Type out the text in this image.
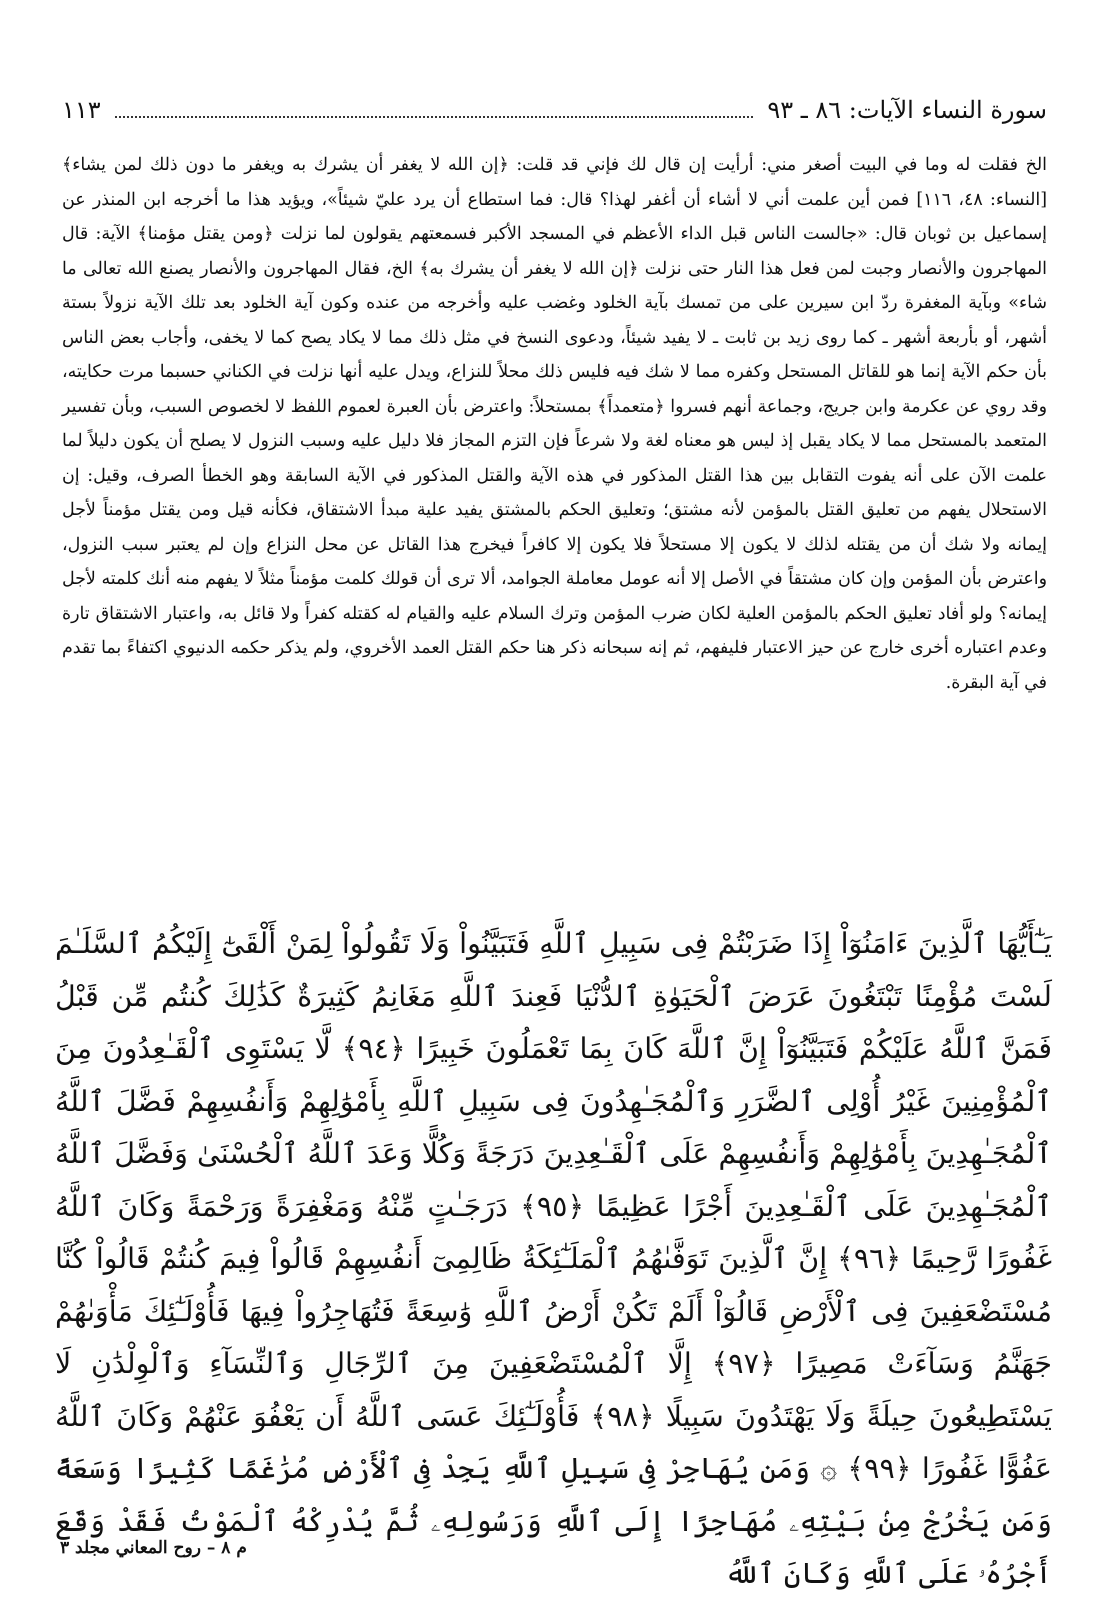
سورة النساء الآيات: ٨٦ ـ ٩٣
١١٣

الخ فقلت له وما في البيت أصغر مني: أرأيت إن قال لك فإني قد قلت: ﴿إن الله لا يغفر أن يشرك به ويغفر ما دون ذلك لمن يشاء﴾ [النساء: ٤٨، ١١٦] فمن أين علمت أني لا أشاء أن أغفر لهذا؟ قال: فما استطاع أن يرد عليّ شيئاً»، ويؤيد هذا ما أخرجه ابن المنذر عن إسماعيل بن ثوبان قال: «جالست الناس قبل الداء الأعظم في المسجد الأكبر فسمعتهم يقولون لما نزلت ﴿ومن يقتل مؤمنا﴾ الآية: قال المهاجرون والأنصار وجبت لمن فعل هذا النار حتى نزلت ﴿إن الله لا يغفر أن يشرك به﴾ الخ، فقال المهاجرون والأنصار يصنع الله تعالى ما شاء» وبآية المغفرة ردّ ابن سيرين على من تمسك بآية الخلود وغضب عليه وأخرجه من عنده وكون آية الخلود بعد تلك الآية نزولاً بستة أشهر، أو بأربعة أشهر ـ كما روى زيد بن ثابت ـ لا يفيد شيئاً، ودعوى النسخ في مثل ذلك مما لا يكاد يصح كما لا يخفى، وأجاب بعض الناس بأن حكم الآية إنما هو للقاتل المستحل وكفره مما لا شك فيه فليس ذلك محلاً للنزاع، ويدل عليه أنها نزلت في الكناني حسبما مرت حكايته، وقد روي عن عكرمة وابن جريج، وجماعة أنهم فسروا ﴿متعمداً﴾ بمستحلاً: واعترض بأن العبرة لعموم اللفظ لا لخصوص السبب، وبأن تفسير المتعمد بالمستحل مما لا يكاد يقبل إذ ليس هو معناه لغة ولا شرعاً فإن التزم المجاز فلا دليل عليه وسبب النزول لا يصلح أن يكون دليلاً لما علمت الآن على أنه يفوت التقابل بين هذا القتل المذكور في هذه الآية والقتل المذكور في الآية السابقة وهو الخطأ الصرف، وقيل: إن الاستحلال يفهم من تعليق القتل بالمؤمن لأنه مشتق؛ وتعليق الحكم بالمشتق يفيد علية مبدأ الاشتقاق، فكأنه قيل ومن يقتل مؤمناً لأجل إيمانه ولا شك أن من يقتله لذلك لا يكون إلا مستحلاً فلا يكون إلا كافراً فيخرج هذا القاتل عن محل النزاع وإن لم يعتبر سبب النزول، واعترض بأن المؤمن وإن كان مشتقاً في الأصل إلا أنه عومل معاملة الجوامد، ألا ترى أن قولك كلمت مؤمناً مثلاً لا يفهم منه أنك كلمته لأجل إيمانه؟ ولو أفاد تعليق الحكم بالمؤمن العلية لكان ضرب المؤمن وترك السلام عليه والقيام له كقتله كفراً ولا قائل به، واعتبار الاشتقاق تارة وعدم اعتباره أخرى خارج عن حيز الاعتبار فليفهم، ثم إنه سبحانه ذكر هنا حكم القتل العمد الأخروي، ولم يذكر حكمه الدنيوي اكتفاءً بما تقدم في آية البقرة.

يَـٰٓأَيُّهَا ٱلَّذِينَ ءَامَنُوٓاْ إِذَا ضَرَبْتُمْ فِى سَبِيلِ ٱللَّهِ فَتَبَيَّنُواْ وَلَا تَقُولُواْ لِمَنْ أَلْقَىٰٓ إِلَيْكُمُ ٱلسَّلَـٰمَ لَسْتَ مُؤْمِنًا تَبْتَغُونَ عَرَضَ ٱلْحَيَوٰةِ ٱلدُّنْيَا فَعِندَ ٱللَّهِ مَغَانِمُ كَثِيرَةٌ كَذَٰلِكَ كُنتُم مِّن قَبْلُ فَمَنَّ ٱللَّهُ عَلَيْكُمْ فَتَبَيَّنُوٓاْ إِنَّ ٱللَّهَ كَانَ بِمَا تَعْمَلُونَ خَبِيرًا ﴿٩٤﴾ لَّا يَسْتَوِى ٱلْقَـٰعِدُونَ مِنَ ٱلْمُؤْمِنِينَ غَيْرُ أُوْلِى ٱلضَّرَرِ وَٱلْمُجَـٰهِدُونَ فِى سَبِيلِ ٱللَّهِ بِأَمْوَٰلِهِمْ وَأَنفُسِهِمْ فَضَّلَ ٱللَّهُ ٱلْمُجَـٰهِدِينَ بِأَمْوَٰلِهِمْ وَأَنفُسِهِمْ عَلَى ٱلْقَـٰعِدِينَ دَرَجَةً وَكُلًّا وَعَدَ ٱللَّهُ ٱلْحُسْنَىٰ وَفَضَّلَ ٱللَّهُ ٱلْمُجَـٰهِدِينَ عَلَى ٱلْقَـٰعِدِينَ أَجْرًا عَظِيمًا ﴿٩٥﴾ دَرَجَـٰتٍ مِّنْهُ وَمَغْفِرَةً وَرَحْمَةً وَكَانَ ٱللَّهُ غَفُورًا رَّحِيمًا ﴿٩٦﴾ إِنَّ ٱلَّذِينَ تَوَفَّىٰهُمُ ٱلْمَلَـٰٓئِكَةُ ظَالِمِىٓ أَنفُسِهِمْ قَالُواْ فِيمَ كُنتُمْ قَالُواْ كُنَّا مُسْتَضْعَفِينَ فِى ٱلْأَرْضِ قَالُوٓاْ أَلَمْ تَكُنْ أَرْضُ ٱللَّهِ وَٰسِعَةً فَتُهَاجِرُواْ فِيهَا فَأُوْلَـٰٓئِكَ مَأْوَىٰهُمْ جَهَنَّمُ وَسَآءَتْ مَصِيرًا ﴿٩٧﴾ إِلَّا ٱلْمُسْتَضْعَفِينَ مِنَ ٱلرِّجَالِ وَٱلنِّسَآءِ وَٱلْوِلْدَٰنِ لَا يَسْتَطِيعُونَ حِيلَةً وَلَا يَهْتَدُونَ سَبِيلًا ﴿٩٨﴾ فَأُوْلَـٰٓئِكَ عَسَى ٱللَّهُ أَن يَعْفُوَ عَنْهُمْ وَكَانَ ٱللَّهُ عَفُوًّا غَفُورًا ﴿٩٩﴾ ۞ وَمَن يُهَاجِرْ فِى سَبِيلِ ٱللَّهِ يَجِدْ فِى ٱلْأَرْضِ مُرَٰغَمًا كَثِيرًا وَسَعَةً وَمَن يَخْرُجْ مِنۢ بَيْتِهِۦ مُهَاجِرًا إِلَى ٱللَّهِ وَرَسُولِهِۦ ثُمَّ يُدْرِكْهُ ٱلْمَوْتُ فَقَدْ وَقَعَ أَجْرُهُۥ عَلَى ٱللَّهِ وَكَانَ ٱللَّهُ

م ٨ – روح المعاني مجلد ٣
